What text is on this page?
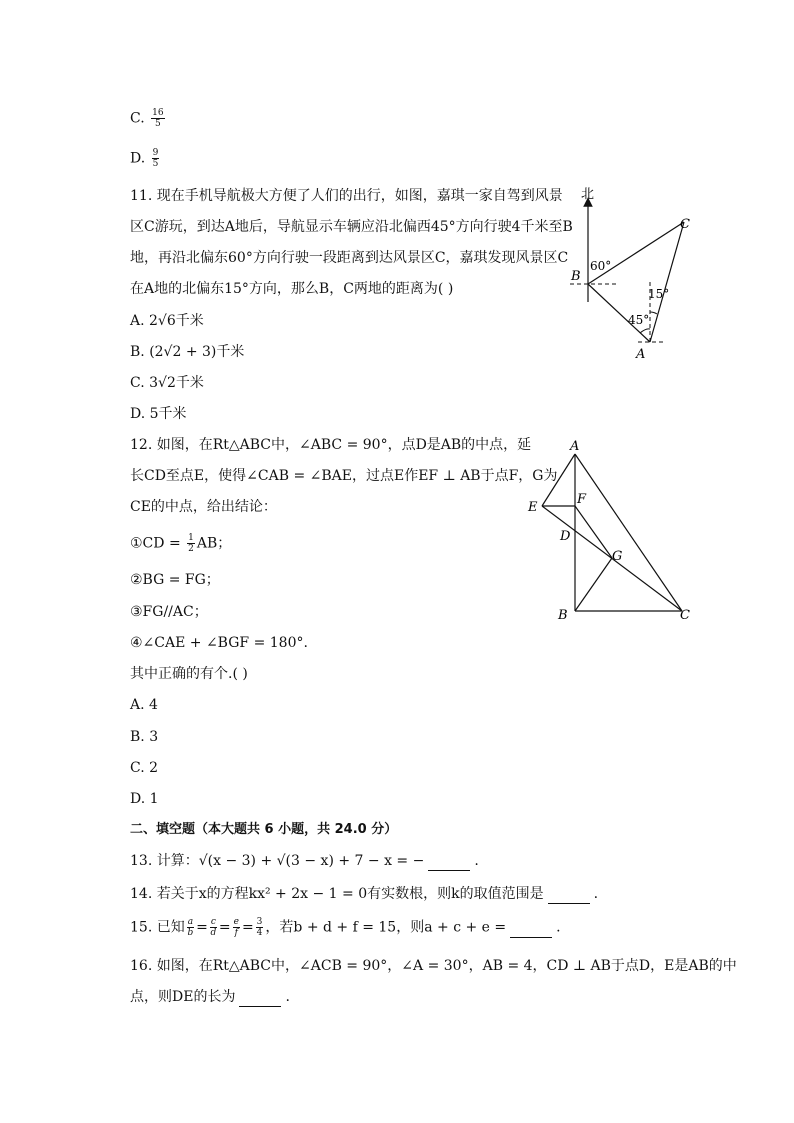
C. $\frac{16}{5}$
D. $\frac{9}{5}$
11. 现在手机导航极大方便了人们的出行，如图，嘉琪一家自驾到风景
区C游玩，到达A地后，导航显示车辆应沿北偏西45°方向行驶4千米至B
地，再沿北偏东60°方向行驶一段距离到达风景区C，嘉琪发现风景区C
在A地的北偏东15°方向，那么B，C两地的距离为( )
A. 2√6千米
B. (2√2 + 3)千米
C. 3√2千米
D. 5千米
北
B
C
A
60°
15°
45°
12. 如图，在Rt△ABC中，∠ABC = 90°，点D是AB的中点，延
长CD至点E，使得∠CAB = ∠BAE，过点E作EF ⊥ AB于点F，G为
CE的中点，给出结论：
①CD = $\frac{1}{2}$ AB；
②BG = FG；
③FG//AC；
④∠CAE + ∠BGF = 180°.
其中正确的有个.( )
A. 4
B. 3
C. 2
D. 1
A
E
F
D
G
B	C
二、填空题（本大题共 6 小题，共 24.0 分）
13. 计算：√(x − 3) + √(3 − x) + 7 − x = −	.
14. 若关于x的方程kx² + 2x − 1 = 0有实数根，则k的取值范围是	.
15. 已知 $\frac{a}{b} = \frac{c}{d} = \frac{e}{f} = \frac{3}{4}$ ，若b + d + f = 15，则a + c + e =	.
16. 如图，在Rt△ABC中，∠ACB = 90°，∠A = 30°，AB = 4，CD ⊥ AB于点D，E是AB的中
点，则DE的长为	.
